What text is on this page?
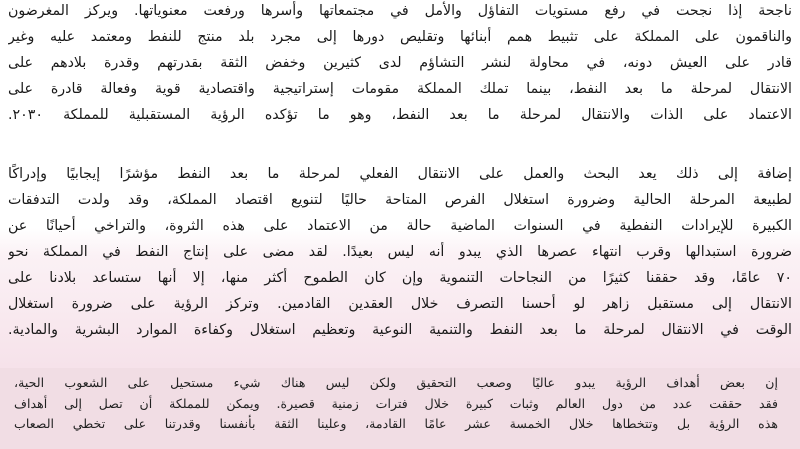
ناجحة إذا نجحت في رفع مستويات التفاؤل والأمل في مجتمعاتها وأسرها ورفعت معنوياتها. ويركز المغرضون
والناقمون على المملكة على تثبيط همم أبنائها وتقليص دورها إلى مجرد بلد منتج للنفط ومعتمد عليه وغير
قادر على العيش دونه، في محاولة لنشر التشاؤم لدى كثيرين وخفض الثقة بقدرتهم وقدرة بلادهم على
الانتقال لمرحلة ما بعد النفط، بينما تملك المملكة مقومات إستراتيجية واقتصادية قوية وفعالة قادرة على
الاعتماد على الذات والانتقال لمرحلة ما بعد النفط، وهو ما تؤكده الرؤية المستقبلية للمملكة ٢٠٣٠.
إضافة إلى ذلك يعد البحث والعمل على الانتقال الفعلي لمرحلة ما بعد النفط مؤشرًا إيجابيًا وإدراكًا
لطبيعة المرحلة الحالية وضرورة استغلال الفرص المتاحة حاليًا لتنويع اقتصاد المملكة، وقد ولدت التدفقات
الكبيرة للإيرادات النفطية في السنوات الماضية حالة من الاعتماد على هذه الثروة، والتراخي أحيانًا عن
ضرورة استبدالها وقرب انتهاء عصرها الذي يبدو أنه ليس بعيدًا. لقد مضى على إنتاج النفط في المملكة نحو
٧٠ عامًا، وقد حققنا كثيرًا من النجاحات التنموية وإن كان الطموح أكثر منها، إلا أنها ستساعد بلادنا على
الانتقال إلى مستقبل زاهر لو أحسنا التصرف خلال العقدين القادمين. وتركز الرؤية على ضرورة استغلال
الوقت في الانتقال لمرحلة ما بعد النفط والتنمية النوعية وتعظيم استغلال وكفاءة الموارد البشرية والمادية.
إن بعض أهداف الرؤية يبدو عاليًا وصعب التحقيق ولكن ليس هناك شيء مستحيل على الشعوب الحية،
فقد حققت عدد من دول العالم وثبات كبيرة خلال فترات زمنية قصيرة. ويمكن للمملكة أن تصل إلى أهداف
هذه الرؤية بل وتتخطاها خلال الخمسة عشر عامًا القادمة، وعلينا الثقة بأنفسنا وقدرتنا على تخطي الصعاب
